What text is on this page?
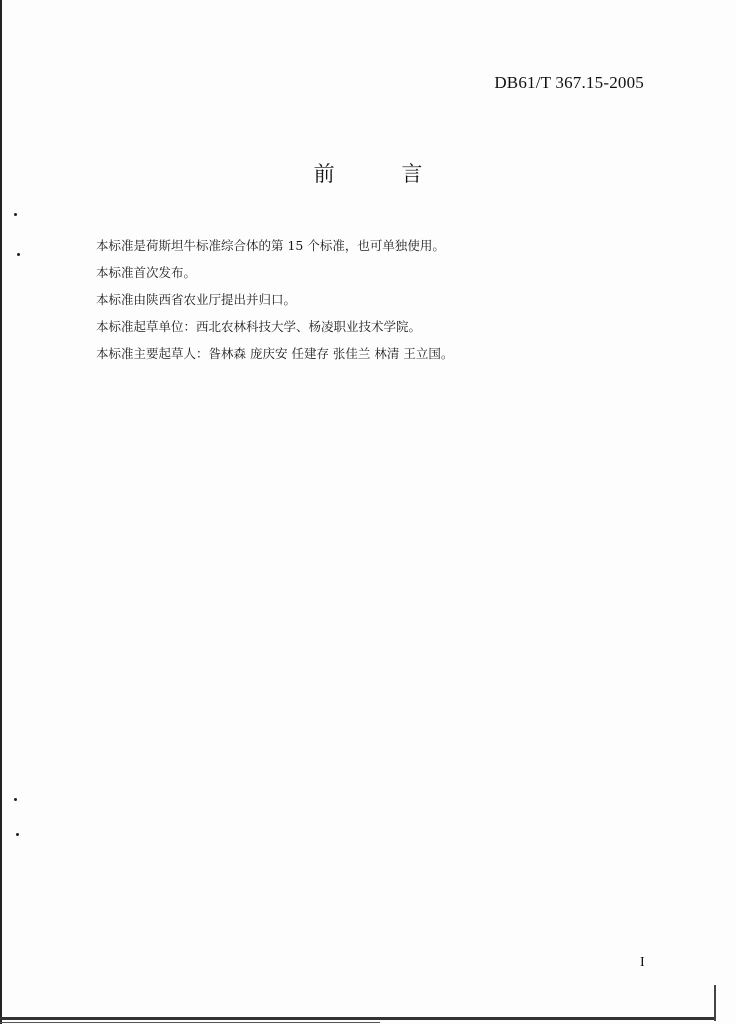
DB61/T 367.15-2005
前 言
本标准是荷斯坦牛标准综合体的第 15 个标准，也可单独使用。
本标准首次发布。
本标准由陕西省农业厅提出并归口。
本标准起草单位：西北农林科技大学、杨凌职业技术学院。
本标准主要起草人：昝林森 庞庆安 任建存 张佳兰 林清 王立国。
I
